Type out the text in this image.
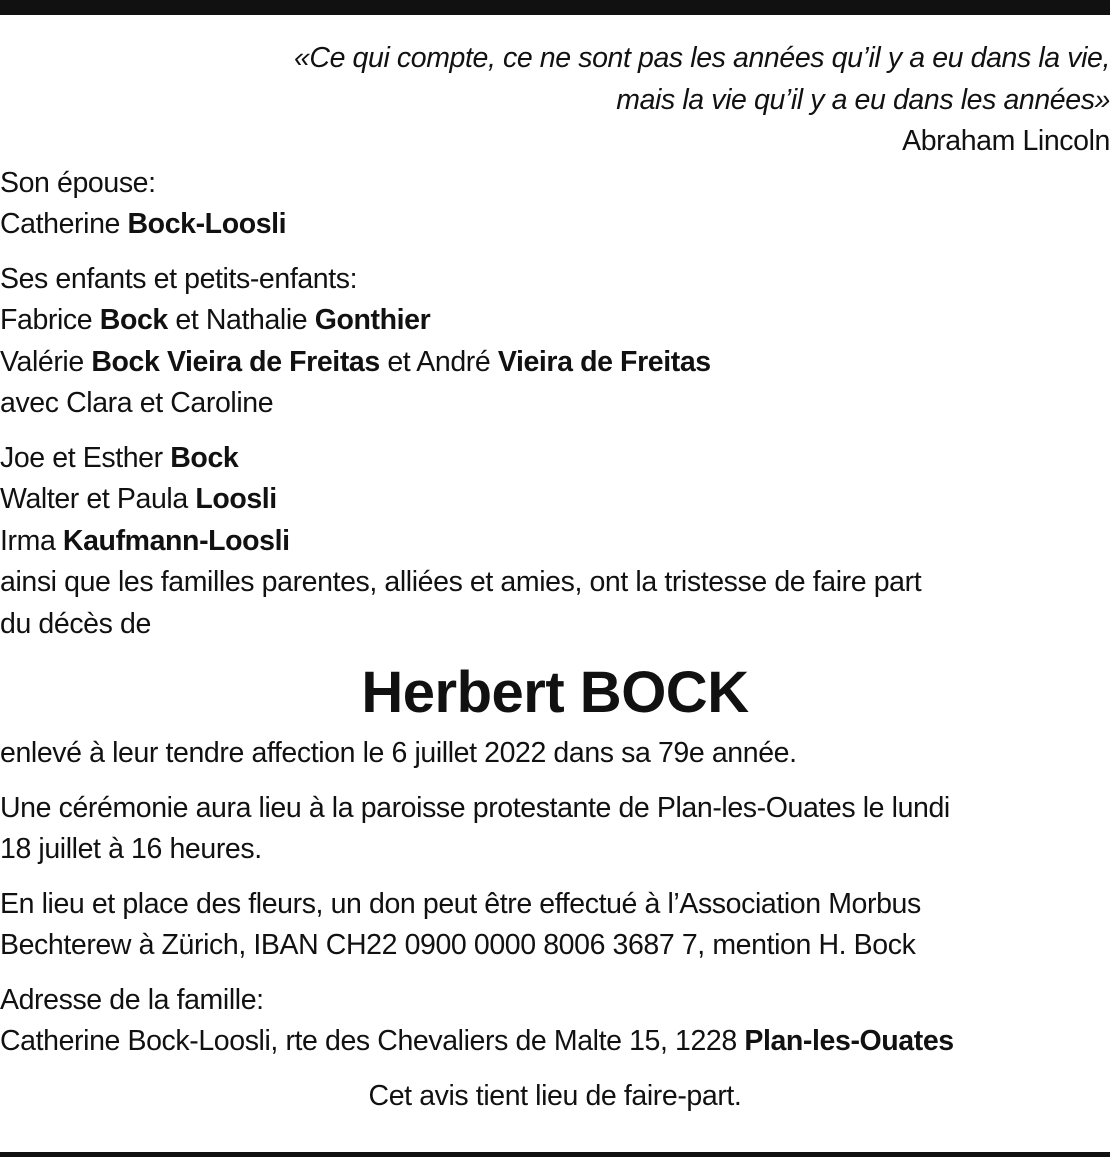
«Ce qui compte, ce ne sont pas les années qu’il y a eu dans la vie,
mais la vie qu’il y a eu dans les années»
Abraham Lincoln
Son épouse:
Catherine Bock-Loosli
Ses enfants et petits-enfants:
Fabrice Bock et Nathalie Gonthier
Valérie Bock Vieira de Freitas et André Vieira de Freitas
avec Clara et Caroline
Joe et Esther Bock
Walter et Paula Loosli
Irma Kaufmann-Loosli
ainsi que les familles parentes, alliées et amies, ont la tristesse de faire part
du décès de
Herbert BOCK
enlevé à leur tendre affection le 6 juillet 2022 dans sa 79e année.
Une cérémonie aura lieu à la paroisse protestante de Plan-les-Ouates le lundi
18 juillet à 16 heures.
En lieu et place des fleurs, un don peut être effectué à l’Association Morbus
Bechterew à Zürich, IBAN CH22 0900 0000 8006 3687 7, mention H. Bock
Adresse de la famille:
Catherine Bock-Loosli, rte des Chevaliers de Malte 15, 1228 Plan-les-Ouates
Cet avis tient lieu de faire-part.
